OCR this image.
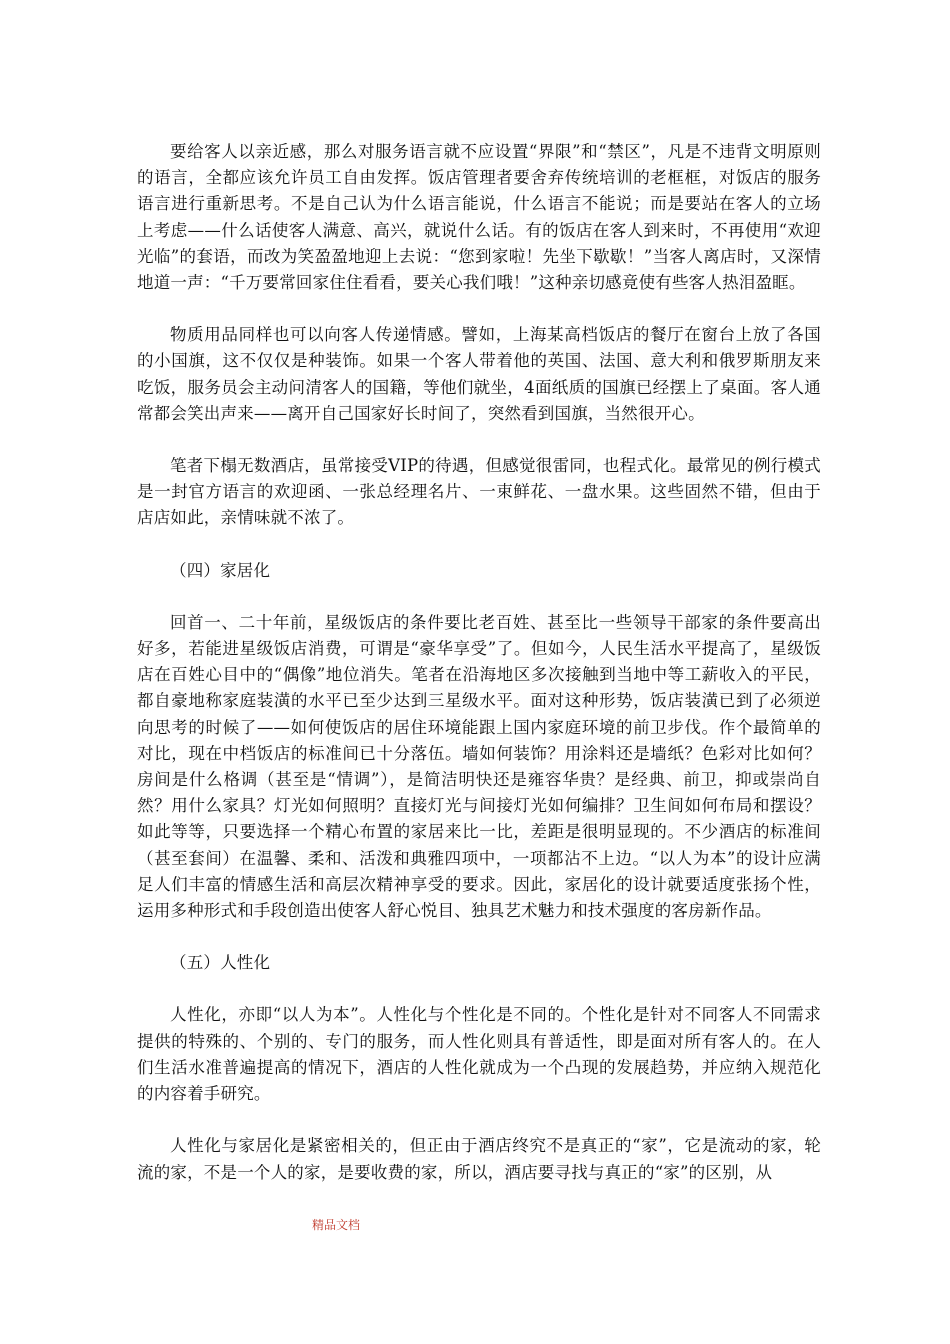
要给客人以亲近感，那么对服务语言就不应设置“界限”和“禁区”，凡是不违背文明原则的语言，全都应该允许员工自由发挥。饭店管理者要舍弃传统培训的老框框，对饭店的服务语言进行重新思考。不是自己认为什么语言能说，什么语言不能说；而是要站在客人的立场上考虑——什么话使客人满意、高兴，就说什么话。有的饭店在客人到来时，不再使用“欢迎光临”的套语，而改为笑盈盈地迎上去说：“您到家啦！先坐下歇歇！”当客人离店时，又深情地道一声：“千万要常回家住住看看，要关心我们哦！”这种亲切感竟使有些客人热泪盈眶。

物质用品同样也可以向客人传递情感。譬如，上海某高档饭店的餐厅在窗台上放了各国的小国旗，这不仅仅是种装饰。如果一个客人带着他的英国、法国、意大利和俄罗斯朋友来吃饭，服务员会主动问清客人的国籍，等他们就坐，4面纸质的国旗已经摆上了桌面。客人通常都会笑出声来——离开自己国家好长时间了，突然看到国旗，当然很开心。

笔者下榻无数酒店，虽常接受VIP的待遇，但感觉很雷同，也程式化。最常见的例行模式是一封官方语言的欢迎函、一张总经理名片、一束鲜花、一盘水果。这些固然不错，但由于店店如此，亲情味就不浓了。

（四）家居化

回首一、二十年前，星级饭店的条件要比老百姓、甚至比一些领导干部家的条件要高出好多，若能进星级饭店消费，可谓是“豪华享受”了。但如今，人民生活水平提高了，星级饭店在百姓心目中的“偶像”地位消失。笔者在沿海地区多次接触到当地中等工薪收入的平民，都自豪地称家庭装潢的水平已至少达到三星级水平。面对这种形势，饭店装潢已到了必须逆向思考的时候了——如何使饭店的居住环境能跟上国内家庭环境的前卫步伐。作个最简单的对比，现在中档饭店的标准间已十分落伍。墙如何装饰？用涂料还是墙纸？色彩对比如何？房间是什么格调（甚至是“情调”），是简洁明快还是雍容华贵？是经典、前卫，抑或崇尚自然？用什么家具？灯光如何照明？直接灯光与间接灯光如何编排？卫生间如何布局和摆设？如此等等，只要选择一个精心布置的家居来比一比，差距是很明显现的。不少酒店的标准间（甚至套间）在温馨、柔和、活泼和典雅四项中，一项都沾不上边。“以人为本”的设计应满足人们丰富的情感生活和高层次精神享受的要求。因此，家居化的设计就要适度张扬个性，运用多种形式和手段创造出使客人舒心悦目、独具艺术魅力和技术强度的客房新作品。

（五）人性化

人性化，亦即“以人为本”。人性化与个性化是不同的。个性化是针对不同客人不同需求提供的特殊的、个别的、专门的服务，而人性化则具有普适性，即是面对所有客人的。在人们生活水准普遍提高的情况下，酒店的人性化就成为一个凸现的发展趋势，并应纳入规范化的内容着手研究。

人性化与家居化是紧密相关的，但正由于酒店终究不是真正的“家”，它是流动的家，轮流的家，不是一个人的家，是要收费的家，所以，酒店要寻找与真正的“家”的区别，从

精品文档
